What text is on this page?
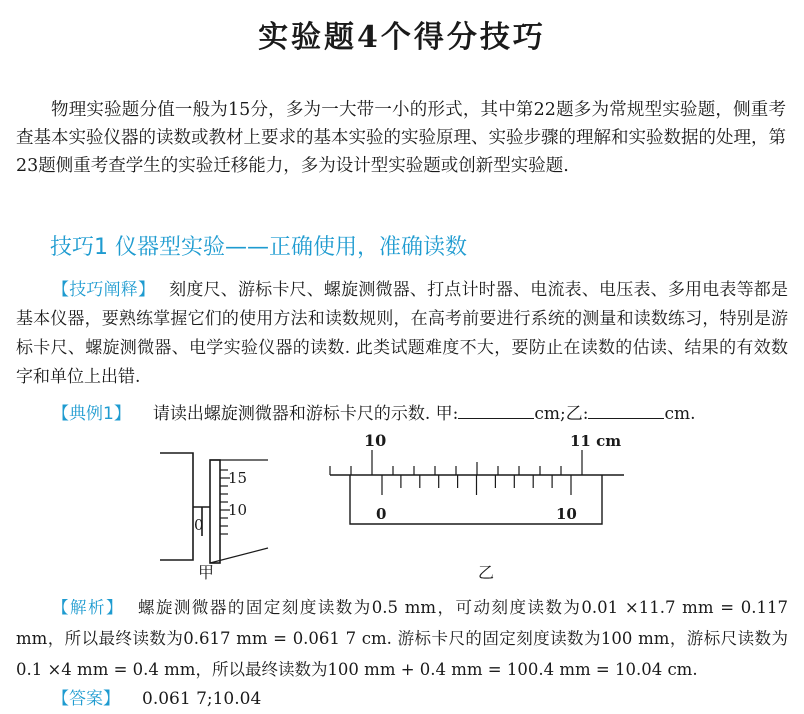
实验题4个得分技巧
物理实验题分值一般为15分，多为一大带一小的形式，其中第22题多为常规型实验题，侧重考查基本实验仪器的读数或教材上要求的基本实验的实验原理、实验步骤的理解和实验数据的处理，第23题侧重考查学生的实验迁移能力，多为设计型实验题或创新型实验题.
技巧1 仪器型实验——正确使用，准确读数
【技巧阐释】 刻度尺、游标卡尺、螺旋测微器、打点计时器、电流表、电压表、多用电表等都是基本仪器，要熟练掌握它们的使用方法和读数规则，在高考前要进行系统的测量和读数练习，特别是游标卡尺、螺旋测微器、电学实验仪器的读数. 此类试题难度不大，要防止在读数的估读、结果的有效数字和单位上出错.
【典例1】 请读出螺旋测微器和游标卡尺的示数. 甲:	cm;乙:	cm.
15
10
0
甲
10	11 cm
0	10
乙
【解析】 螺旋测微器的固定刻度读数为0.5 mm，可动刻度读数为0.01 ×11.7 mm = 0.117 mm，所以最终读数为0.617 mm = 0.061 7 cm. 游标卡尺的固定刻度读数为100 mm，游标尺读数为0.1 ×4 mm = 0.4 mm，所以最终读数为100 mm + 0.4 mm = 100.4 mm = 10.04 cm.
【答案】 0.061 7;10.04
